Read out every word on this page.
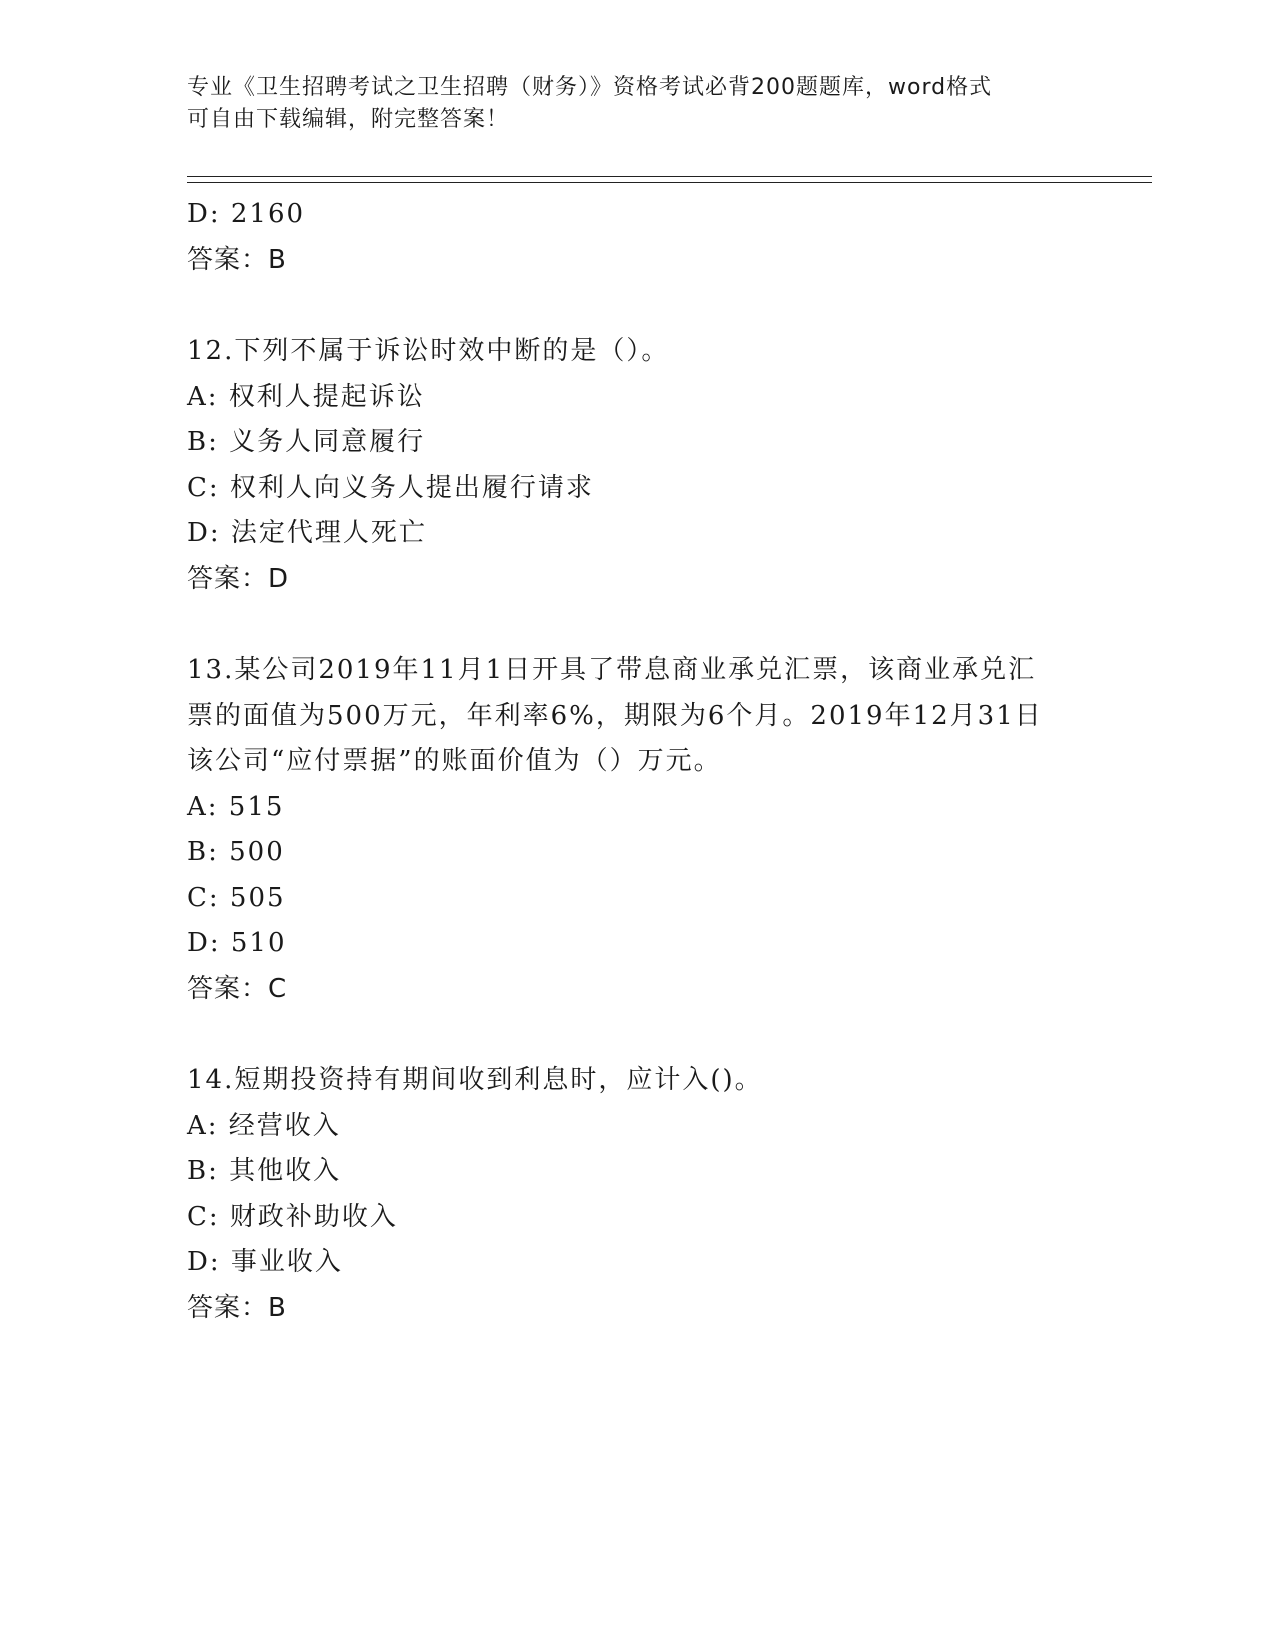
专业《卫生招聘考试之卫生招聘（财务）》资格考试必背200题题库，word格式
可自由下载编辑，附完整答案！
D: 2160
答案：B
12.下列不属于诉讼时效中断的是（）。
A: 权利人提起诉讼
B: 义务人同意履行
C: 权利人向义务人提出履行请求
D: 法定代理人死亡
答案：D
13.某公司2019年11月1日开具了带息商业承兑汇票，该商业承兑汇
票的面值为500万元，年利率6%，期限为6个月。2019年12月31日
该公司“应付票据”的账面价值为（）万元。
A: 515
B: 500
C: 505
D: 510
答案：C
14.短期投资持有期间收到利息时，应计入()。
A: 经营收入
B: 其他收入
C: 财政补助收入
D: 事业收入
答案：B
